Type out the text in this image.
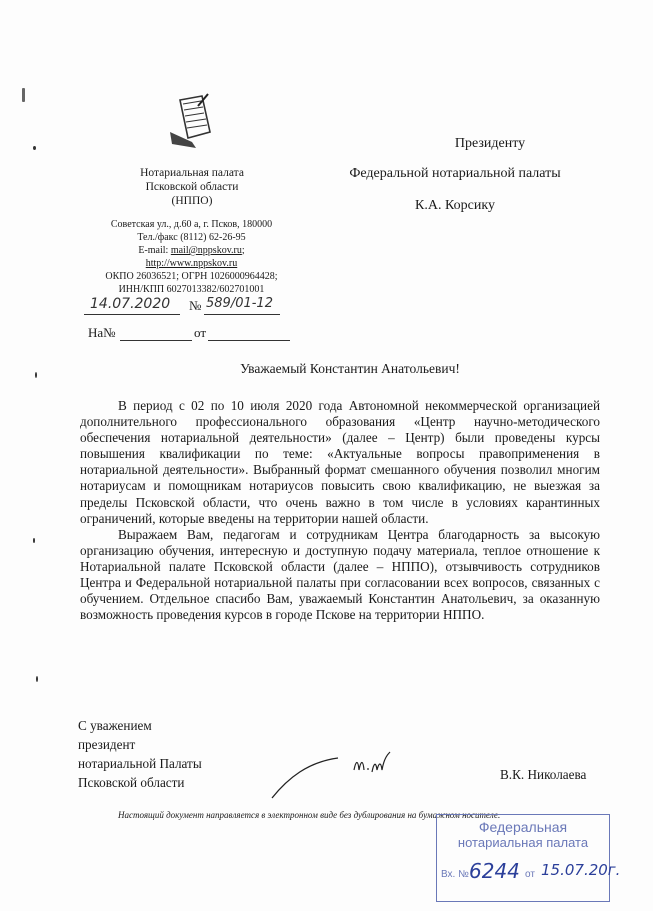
Нотариальная палата
Псковской области
(НППО)
Советская ул., д.60 а, г. Псков, 180000
Тел./факс (8112) 62-26-95
E-mail: mail@nppskov.ru;
http://www.nppskov.ru
ОКПО 26036521; ОГРН 1026000964428;
ИНН/КПП 6027013382/602701001
14.07.2020 № 589/01-12
На№	от
Президенту
Федеральной нотариальной палаты
К.А. Корсику
Уважаемый Константин Анатольевич!

В период с 02 по 10 июля 2020 года Автономной некоммерческой организацией дополнительного профессионального образования «Центр научно-методического обеспечения нотариальной деятельности» (далее – Центр) были проведены курсы повышения квалификации по теме: «Актуальные вопросы правоприменения в нотариальной деятельности». Выбранный формат смешанного обучения позволил многим нотариусам и помощникам нотариусов повысить свою квалификацию, не выезжая за пределы Псковской области, что очень важно в том числе в условиях карантинных ограничений, которые введены на территории нашей области.

Выражаем Вам, педагогам и сотрудникам Центра благодарность за высокую организацию обучения, интересную и доступную подачу материала, теплое отношение к Нотариальной палате Псковской области (далее – НППО), отзывчивость сотрудников Центра и Федеральной нотариальной палаты при согласовании всех вопросов, связанных с обучением. Отдельное спасибо Вам, уважаемый Константин Анатольевич, за оказанную возможность проведения курсов в городе Пскове на территории НППО.

С уважением
президент
нотариальной Палаты
Псковской области
В.К. Николаева
Настоящий документ направляется в электронном виде без дублирования на бумажном носителе.
Федеральная
нотариальная палата
Вх. № 6244 от 15.07.20г.
